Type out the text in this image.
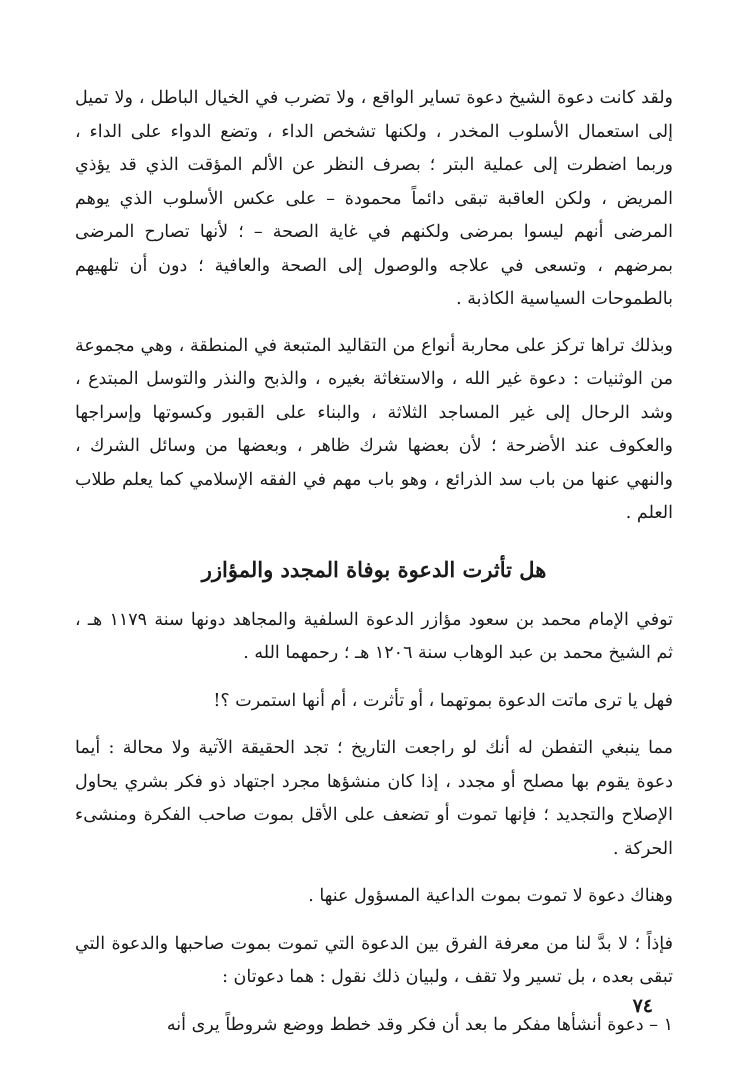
ولقد كانت دعوة الشيخ دعوة تساير الواقع ، ولا تضرب في الخيال الباطل ، ولا تميل إلى استعمال الأسلوب المخدر ، ولكنها تشخص الداء ، وتضع الدواء على الداء ، وربما اضطرت إلى عملية البتر ؛ بصرف النظر عن الألم المؤقت الذي قد يؤذي المريض ، ولكن العاقبة تبقى دائماً محمودة – على عكس الأسلوب الذي يوهم المرضى أنهم ليسوا بمرضى ولكنهم في غاية الصحة – ؛ لأنها تصارح المرضى بمرضهم ، وتسعى في علاجه والوصول إلى الصحة والعافية ؛ دون أن تلهيهم بالطموحات السياسية الكاذبة .

وبذلك تراها تركز على محاربة أنواع من التقاليد المتبعة في المنطقة ، وهي مجموعة من الوثنيات : دعوة غير الله ، والاستغاثة بغيره ، والذبح والنذر والتوسل المبتدع ، وشد الرحال إلى غير المساجد الثلاثة ، والبناء على القبور وكسوتها وإسراجها والعكوف عند الأضرحة ؛ لأن بعضها شرك ظاهر ، وبعضها من وسائل الشرك ، والنهي عنها من باب سد الذرائع ، وهو باب مهم في الفقه الإسلامي كما يعلم طلاب العلم .

هل تأثرت الدعوة بوفاة المجدد والمؤازر

توفي الإمام محمد بن سعود مؤازر الدعوة السلفية والمجاهد دونها سنة ١١٧٩ هـ ، ثم الشيخ محمد بن عبد الوهاب سنة ١٢٠٦ هـ ؛ رحمهما الله .

فهل يا ترى ماتت الدعوة بموتهما ، أو تأثرت ، أم أنها استمرت ؟!

مما ينبغي التفطن له أنك لو راجعت التاريخ ؛ تجد الحقيقة الآتية ولا محالة : أيما دعوة يقوم بها مصلح أو مجدد ، إذا كان منشؤها مجرد اجتهاد ذو فكر بشري يحاول الإصلاح والتجديد ؛ فإنها تموت أو تضعف على الأقل بموت صاحب الفكرة ومنشىء الحركة .

وهناك دعوة لا تموت بموت الداعية المسؤول عنها .

فإذاً ؛ لا بدَّ لنا من معرفة الفرق بين الدعوة التي تموت بموت صاحبها والدعوة التي تبقى بعده ، بل تسير ولا تقف ، ولبيان ذلك نقول : هما دعوتان :

١ – دعوة أنشأها مفكر ما بعد أن فكر وقد خطط ووضع شروطاً يرى أنه

٧٤
